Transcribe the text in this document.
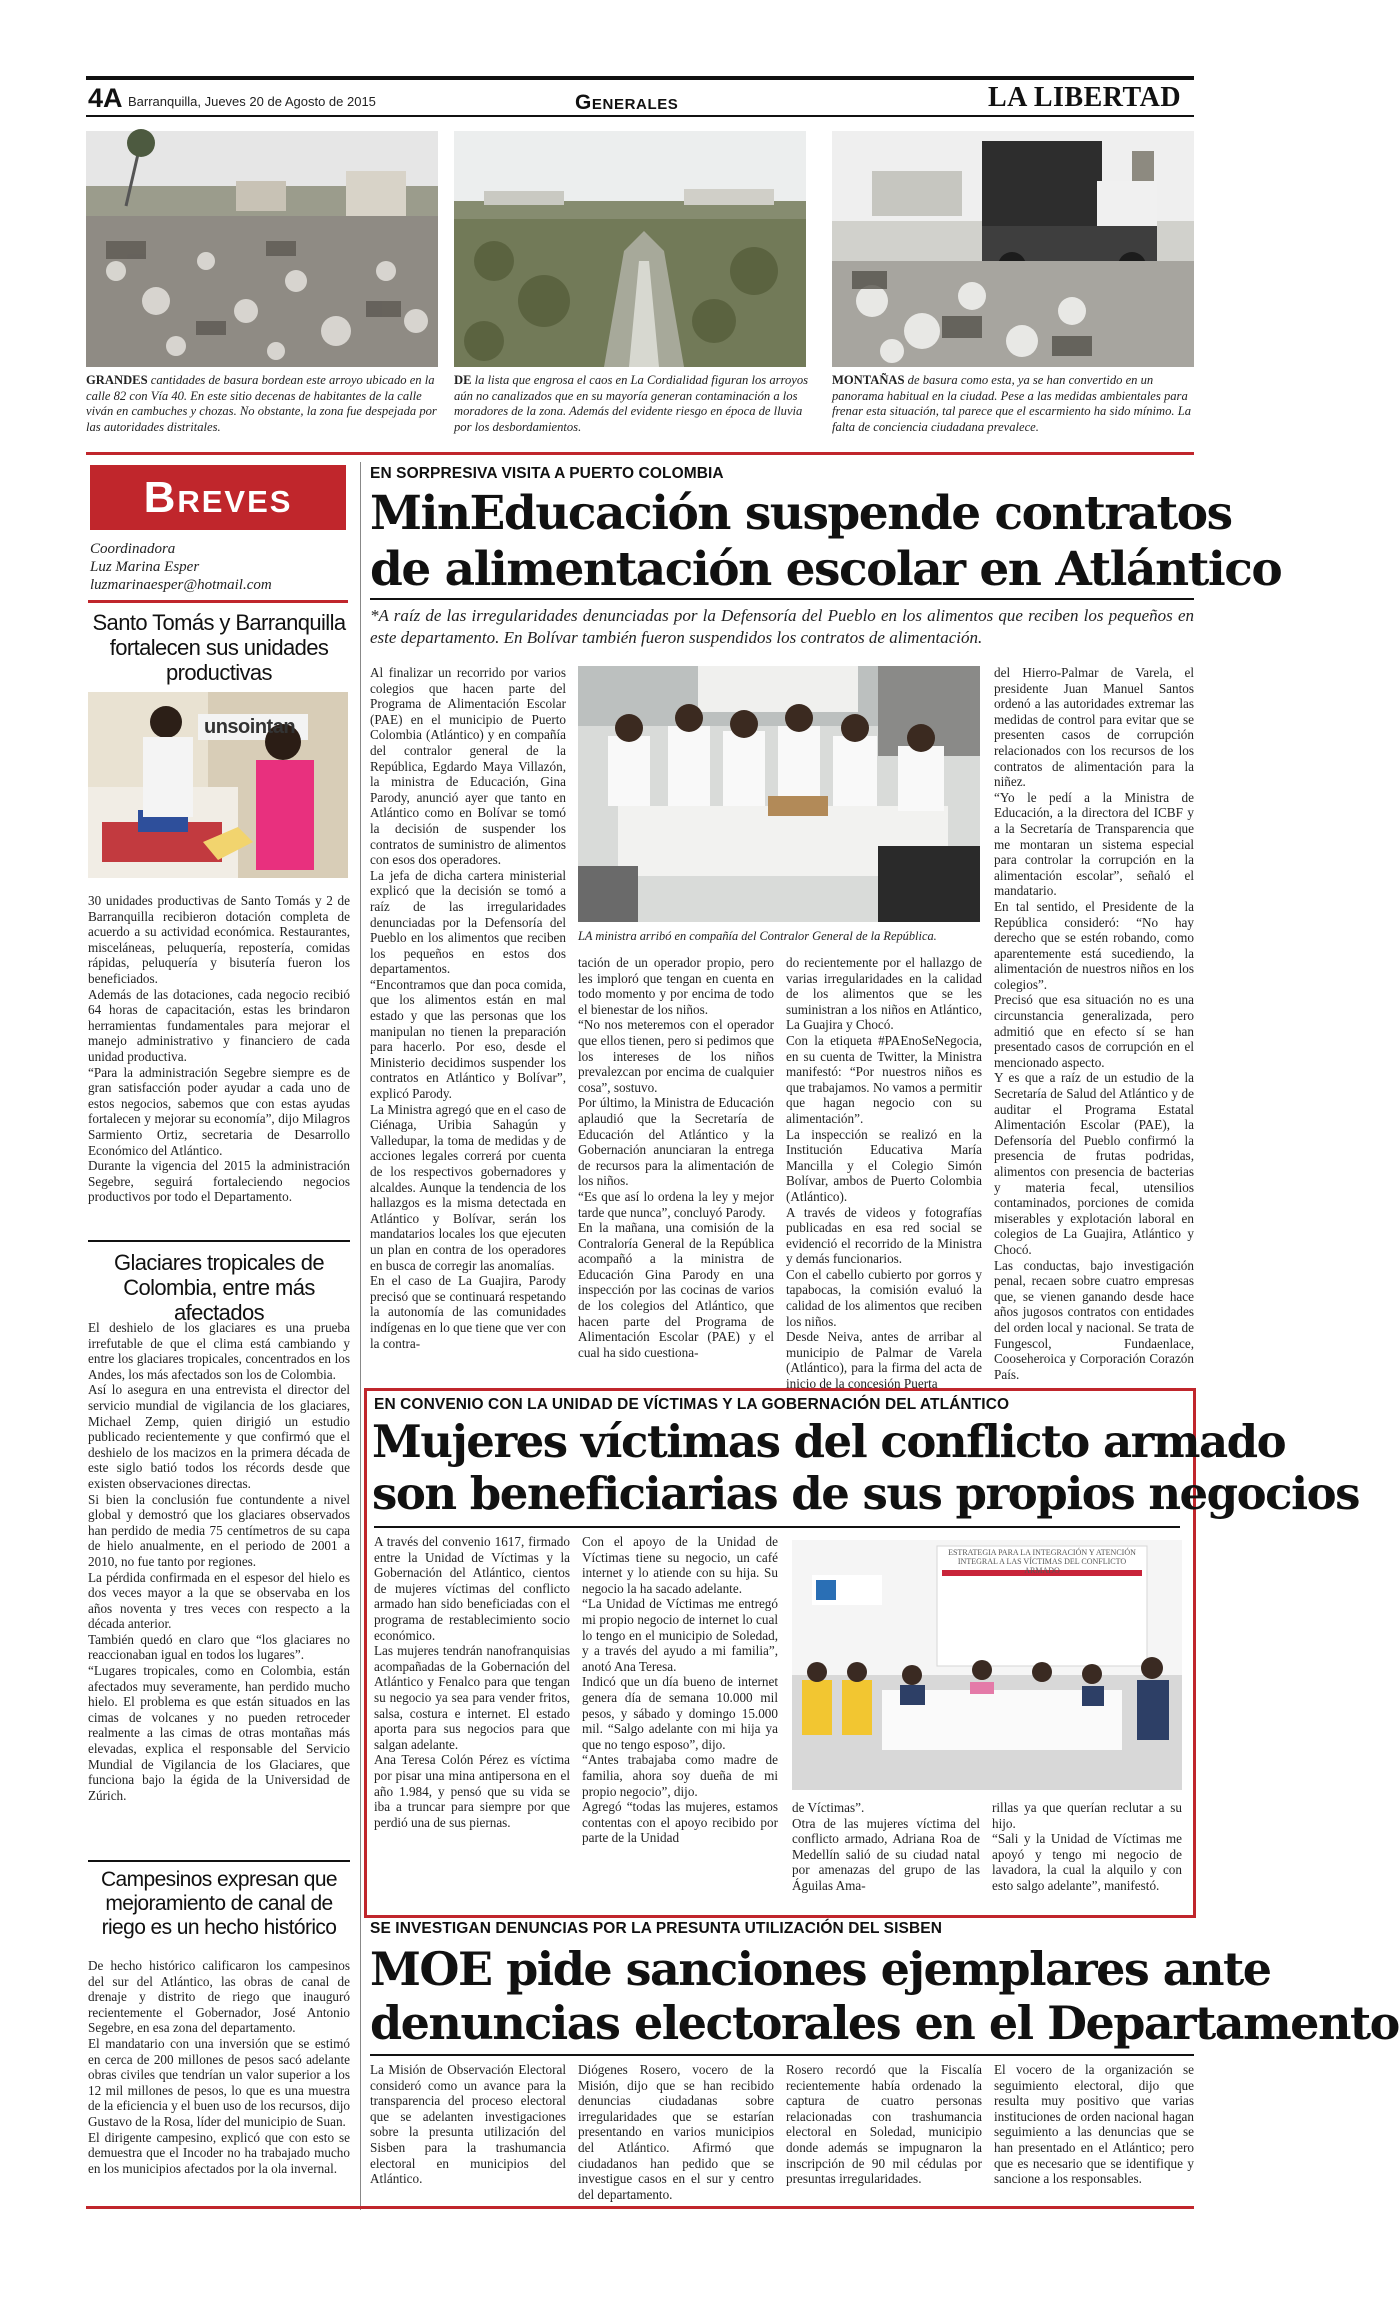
4A Barranquilla, Jueves 20 de Agosto de 2015	Generales	LA LIBERTAD
GRANDES cantidades de basura bordean este arroyo ubicado en la calle 82 con Vía 40. En este sitio decenas de habitantes de la calle viván en cambuches y chozas. No obstante, la zona fue despejada por las autoridades distritales.
DE la lista que engrosa el caos en La Cordialidad figuran los arroyos aún no canalizados que en su mayoría generan contaminación a los moradores de la zona. Además del evidente riesgo en época de lluvia por los desbordamientos.
MONTAÑAS de basura como esta, ya se han convertido en un panorama habitual en la ciudad. Pese a las medidas ambientales para frenar esta situación, tal parece que el escarmiento ha sido mínimo. La falta de conciencia ciudadana prevalece.
Breves
Coordinadora
Luz Marina Esper
luzmarinaesper@hotmail.com
Santo Tomás y Barranquilla fortalecen sus unidades productivas
unsointan

30 unidades productivas de Santo Tomás y 2 de Barranquilla recibieron dotación completa de acuerdo a su actividad económica. Restaurantes, misceláneas, peluquería, repostería, comidas rápidas, peluquería y bisutería fueron los beneficiados.

Además de las dotaciones, cada negocio recibió 64 horas de capacitación, estas les brindaron herramientas fundamentales para mejorar el manejo administrativo y financiero de cada unidad productiva.

“Para la administración Segebre siempre es de gran satisfacción poder ayudar a cada uno de estos negocios, sabemos que con estas ayudas fortalecen y mejorar su economía”, dijo Milagros Sarmiento Ortiz, secretaria de Desarrollo Económico del Atlántico.

Durante la vigencia del 2015 la administración Segebre, seguirá fortaleciendo negocios productivos por todo el Departamento.

Glaciares tropicales de Colombia, entre más afectados

El deshielo de los glaciares es una prueba irrefutable de que el clima está cambiando y entre los glaciares tropicales, concentrados en los Andes, los más afectados son los de Colombia.

Así lo asegura en una entrevista el director del servicio mundial de vigilancia de los glaciares, Michael Zemp, quien dirigió un estudio publicado recientemente y que confirmó que el deshielo de los macizos en la primera década de este siglo batió todos los récords desde que existen observaciones directas.

Si bien la conclusión fue contundente a nivel global y demostró que los glaciares observados han perdido de media 75 centímetros de su capa de hielo anualmente, en el periodo de 2001 a 2010, no fue tanto por regiones.

La pérdida confirmada en el espesor del hielo es dos veces mayor a la que se observaba en los años noventa y tres veces con respecto a la década anterior.

También quedó en claro que “los glaciares no reaccionaban igual en todos los lugares”.

“Lugares tropicales, como en Colombia, están afectados muy severamente, han perdido mucho hielo. El problema es que están situados en las cimas de volcanes y no pueden retroceder realmente a las cimas de otras montañas más elevadas, explica el responsable del Servicio Mundial de Vigilancia de los Glaciares, que funciona bajo la égida de la Universidad de Zúrich.

Campesinos expresan que mejoramiento de canal de riego es un hecho histórico

De hecho histórico calificaron los campesinos del sur del Atlántico, las obras de canal de drenaje y distrito de riego que inauguró recientemente el Gobernador, José Antonio Segebre, en esa zona del departamento.

El mandatario con una inversión que se estimó en cerca de 200 millones de pesos sacó adelante obras civiles que tendrían un valor superior a los 12 mil millones de pesos, lo que es una muestra de la eficiencia y el buen uso de los recursos, dijo Gustavo de la Rosa, líder del municipio de Suan.

El dirigente campesino, explicó que con esto se demuestra que el Incoder no ha trabajado mucho en los municipios afectados por la ola invernal.

EN SORPRESIVA VISITA A PUERTO COLOMBIA
MinEducación suspende contratos
de alimentación escolar en Atlántico
*A raíz de las irregularidades denunciadas por la Defensoría del Pueblo en los alimentos que reciben los pequeños en este departamento. En Bolívar también fueron suspendidos los contratos de alimentación.

Al finalizar un recorrido por varios colegios que hacen parte del Programa de Alimentación Escolar (PAE) en el municipio de Puerto Colombia (Atlántico) y en compañía del contralor general de la República, Egdardo Maya Villazón, la ministra de Educación, Gina Parody, anunció ayer que tanto en Atlántico como en Bolívar se tomó la decisión de suspender los contratos de suministro de alimentos con esos dos operadores.

La jefa de dicha cartera ministerial explicó que la decisión se tomó a raíz de las irregularidades denunciadas por la Defensoría del Pueblo en los alimentos que reciben los pequeños en estos dos departamentos.

“Encontramos que dan poca comida, que los alimentos están en mal estado y que las personas que los manipulan no tienen la preparación para hacerlo. Por eso, desde el Ministerio decidimos suspender los contratos en Atlántico y Bolívar”, explicó Parody.

La Ministra agregó que en el caso de Ciénaga, Uribia Sahagún y Valledupar, la toma de medidas y de acciones legales correrá por cuenta de los respectivos gobernadores y alcaldes. Aunque la tendencia de los hallazgos es la misma detectada en Atlántico y Bolívar, serán los mandatarios locales los que ejecuten un plan en contra de los operadores en busca de corregir las anomalías.

En el caso de La Guajira, Parody precisó que se continuará respetando la autonomía de las comunidades indígenas en lo que tiene que ver con la contra-

LA ministra arribó en compañía del Contralor General de la República.

tación de un operador propio, pero les imploró que tengan en cuenta en todo momento y por encima de todo el bienestar de los niños.

“No nos meteremos con el operador que ellos tienen, pero si pedimos que los intereses de los niños prevalezcan por encima de cualquier cosa”, sostuvo.

Por último, la Ministra de Educación aplaudió que la Secretaría de Educación del Atlántico y la Gobernación anunciaran la entrega de recursos para la alimentación de los niños.

“Es que así lo ordena la ley y mejor tarde que nunca”, concluyó Parody.

En la mañana, una comisión de la Contraloría General de la República acompañó a la ministra de Educación Gina Parody en una inspección por las cocinas de varios de los colegios del Atlántico, que hacen parte del Programa de Alimentación Escolar (PAE) y el cual ha sido cuestiona-

do recientemente por el hallazgo de varias irregularidades en la calidad de los alimentos que se les suministran a los niños en Atlántico, La Guajira y Chocó.

Con la etiqueta #PAEnoSeNegocia, en su cuenta de Twitter, la Ministra manifestó: “Por nuestros niños es que trabajamos. No vamos a permitir que hagan negocio con su alimentación”.

La inspección se realizó en la Institución Educativa María Mancilla y el Colegio Simón Bolívar, ambos de Puerto Colombia (Atlántico).

A través de videos y fotografías publicadas en esa red social se evidenció el recorrido de la Ministra y demás funcionarios.

Con el cabello cubierto por gorros y tapabocas, la comisión evaluó la calidad de los alimentos que reciben los niños.

Desde Neiva, antes de arribar al municipio de Palmar de Varela (Atlántico), para la firma del acta de inicio de la concesión Puerta

del Hierro-Palmar de Varela, el presidente Juan Manuel Santos ordenó a las autoridades extremar las medidas de control para evitar que se presenten casos de corrupción relacionados con los recursos de los contratos de alimentación para la niñez.

“Yo le pedí a la Ministra de Educación, a la directora del ICBF y a la Secretaría de Transparencia que me montaran un sistema especial para controlar la corrupción en la alimentación escolar”, señaló el mandatario.

En tal sentido, el Presidente de la República consideró: “No hay derecho que se estén robando, como aparentemente está sucediendo, la alimentación de nuestros niños en los colegios”.

Precisó que esa situación no es una circunstancia generalizada, pero admitió que en efecto sí se han presentado casos de corrupción en el mencionado aspecto.

Y es que a raíz de un estudio de la Secretaría de Salud del Atlántico y de auditar el Programa Estatal Alimentación Escolar (PAE), la Defensoría del Pueblo confirmó la presencia de frutas podridas, alimentos con presencia de bacterias y materia fecal, utensilios contaminados, porciones de comida miserables y explotación laboral en colegios de La Guajira, Atlántico y Chocó.

Las conductas, bajo investigación penal, recaen sobre cuatro empresas que, se vienen ganando desde hace años jugosos contratos con entidades del orden local y nacional. Se trata de Fungescol, Fundaenlace, Cooseheroica y Corporación Corazón País.

EN CONVENIO CON LA UNIDAD DE VÍCTIMAS Y LA GOBERNACIÓN DEL ATLÁNTICO
Mujeres víctimas del conflicto armado
son beneficiarias de sus propios negocios

A través del convenio 1617, firmado entre la Unidad de Víctimas y la Gobernación del Atlántico, cientos de mujeres víctimas del conflicto armado han sido beneficiadas con el programa de restablecimiento socio económico.

Las mujeres tendrán nanofranquisias acompañadas de la Gobernación del Atlántico y Fenalco para que tengan su negocio ya sea para vender fritos, salsa, costura e internet. El estado aporta para sus negocios para que salgan adelante.

Ana Teresa Colón Pérez es víctima por pisar una mina antipersona en el año 1.984, y pensó que su vida se iba a truncar para siempre por que perdió una de sus piernas.

Con el apoyo de la Unidad de Víctimas tiene su negocio, un café internet y lo atiende con su hija. Su negocio la ha sacado adelante.

“La Unidad de Víctimas me entregó mi propio negocio de internet lo cual lo tengo en el municipio de Soledad, y a través del ayudo a mi familia”, anotó Ana Teresa.

Indicó que un día bueno de internet genera día de semana 10.000 mil pesos, y sábado y domingo 15.000 mil. “Salgo adelante con mi hija ya que no tengo esposo”, dijo.

“Antes trabajaba como madre de familia, ahora soy dueña de mi propio negocio”, dijo.

Agregó “todas las mujeres, estamos contentas con el apoyo recibido por parte de la Unidad

ESTRATEGIA PARA LA INTEGRACIÓN Y ATENCIÓN INTEGRAL A LAS VÍCTIMAS DEL CONFLICTO ARMADO

de Víctimas”.

Otra de las mujeres víctima del conflicto armado, Adriana Roa de Medellín salió de su ciudad natal por amenazas del grupo de las Águilas Ama-

rillas ya que querían reclutar a su hijo.

“Sali y la Unidad de Víctimas me apoyó y tengo mi negocio de lavadora, la cual la alquilo y con esto salgo adelante”, manifestó.

SE INVESTIGAN DENUNCIAS POR LA PRESUNTA UTILIZACIÓN DEL SISBEN
MOE pide sanciones ejemplares ante
denuncias electorales en el Departamento

La Misión de Observación Electoral consideró como un avance para la transparencia del proceso electoral que se adelanten investigaciones sobre la presunta utilización del Sisben para la trashumancia electoral en municipios del Atlántico.

Diógenes Rosero, vocero de la Misión, dijo que se han recibido denuncias ciudadanas sobre irregularidades que se estarían presentando en varios municipios del Atlántico. Afirmó que ciudadanos han pedido que se investigue casos en el sur y centro del departamento.

Rosero recordó que la Fiscalía recientemente había ordenado la captura de cuatro personas relacionadas con trashumancia electoral en Soledad, municipio donde además se impugnaron la inscripción de 90 mil cédulas por presuntas irregularidades.

El vocero de la organización se seguimiento electoral, dijo que resulta muy positivo que varias instituciones de orden nacional hagan seguimiento a las denuncias que se han presentado en el Atlántico; pero que es necesario que se identifique y sancione a los responsables.
